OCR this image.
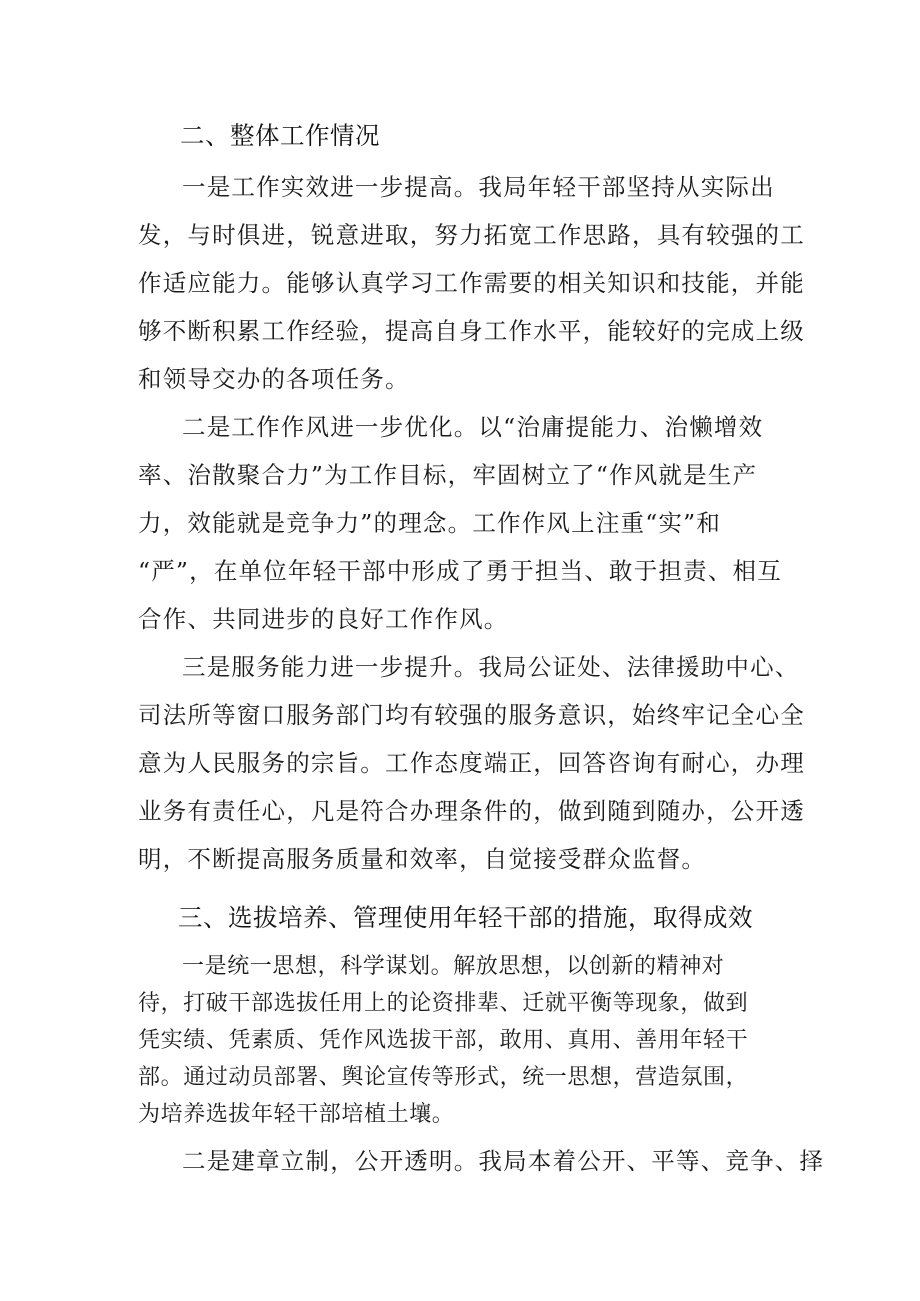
二、整体工作情况
一是工作实效进一步提高。我局年轻干部坚持从实际出
发，与时俱进，锐意进取，努力拓宽工作思路，具有较强的工
作适应能力。能够认真学习工作需要的相关知识和技能，并能
够不断积累工作经验，提高自身工作水平，能较好的完成上级
和领导交办的各项任务。
二是工作作风进一步优化。以“治庸提能力、治懒增效
率、治散聚合力”为工作目标，牢固树立了“作风就是生产
力，效能就是竞争力”的理念。工作作风上注重“实”和
“严”，在单位年轻干部中形成了勇于担当、敢于担责、相互
合作、共同进步的良好工作作风。
三是服务能力进一步提升。我局公证处、法律援助中心、
司法所等窗口服务部门均有较强的服务意识，始终牢记全心全
意为人民服务的宗旨。工作态度端正，回答咨询有耐心，办理
业务有责任心，凡是符合办理条件的，做到随到随办，公开透
明，不断提高服务质量和效率，自觉接受群众监督。
三、选拔培养、管理使用年轻干部的措施，取得成效
一是统一思想，科学谋划。解放思想，以创新的精神对
待，打破干部选拔任用上的论资排辈、迁就平衡等现象，做到
凭实绩、凭素质、凭作风选拔干部，敢用、真用、善用年轻干
部。通过动员部署、舆论宣传等形式，统一思想，营造氛围，
为培养选拔年轻干部培植土壤。
二是建章立制，公开透明。我局本着公开、平等、竞争、择
